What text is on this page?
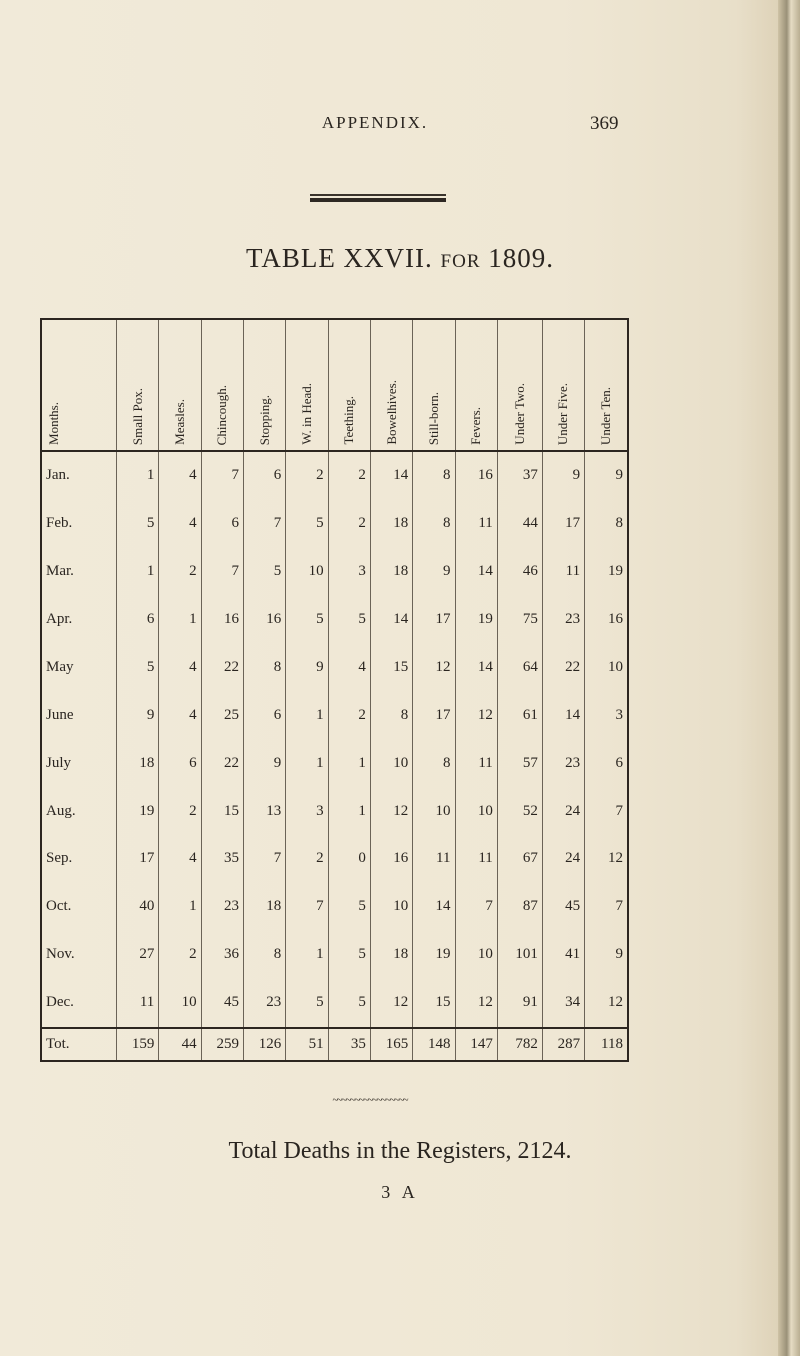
APPENDIX.	369
TABLE XXVII. FOR 1809.
Months.	Small Pox.	Measles.	Chincough.	Stopping.	W. in Head.	Teething.	Bowelhives.	Still-born.	Fevers.	Under Two.	Under Five.	Under Ten.
Jan.	1	4	7	6	2	2	14	8	16	37	9	9
Feb.	5	4	6	7	5	2	18	8	11	44	17	8
Mar.	1	2	7	5	10	3	18	9	14	46	11	19
Apr.	6	1	16	16	5	5	14	17	19	75	23	16
May	5	4	22	8	9	4	15	12	14	64	22	10
June	9	4	25	6	1	2	8	17	12	61	14	3
July	18	6	22	9	1	1	10	8	11	57	23	6
Aug.	19	2	15	13	3	1	12	10	10	52	24	7
Sep.	17	4	35	7	2	0	16	11	11	67	24	12
Oct.	40	1	23	18	7	5	10	14	7	87	45	7
Nov.	27	2	36	8	1	5	18	19	10	101	41	9
Dec.	11	10	45	23	5	5	12	15	12	91	34	12
Tot.	159	44	259	126	51	35	165	148	147	782	287	118
~~~~~~~~~~~~~~~~~
Total Deaths in the Registers, 2124.
3 A
